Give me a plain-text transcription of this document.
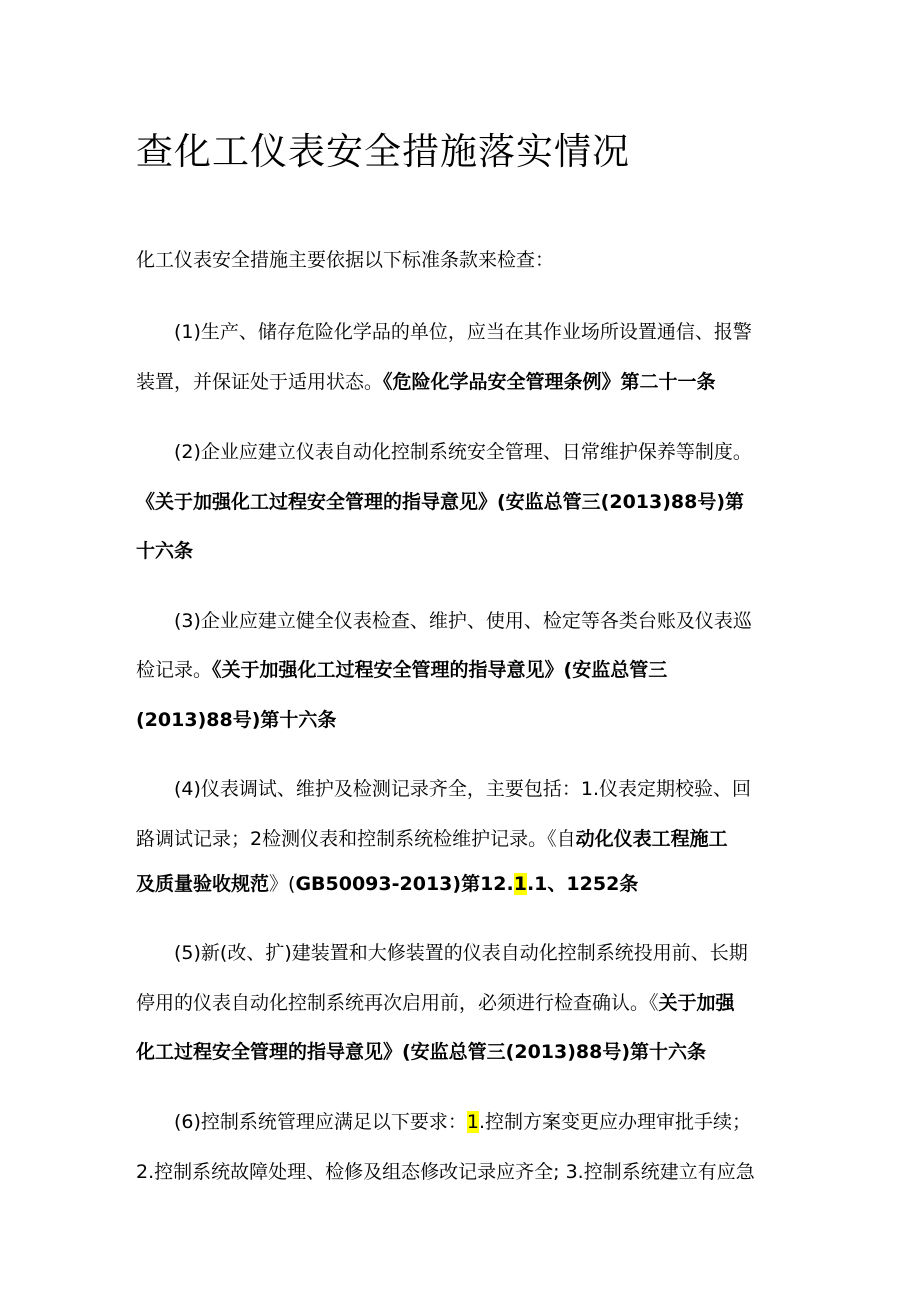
查化工仪表安全措施落实情况

化工仪表安全措施主要依据以下标准条款来检查：

(1)生产、储存危险化学品的单位，应当在其作业场所设置通信、报警

装置，并保证处于适用状态。《危险化学品安全管理条例》第二十一条

(2)企业应建立仪表自动化控制系统安全管理、日常维护保养等制度。

《关于加强化工过程安全管理的指导意见》(安监总管三(2013)88号)第

十六条

(3)企业应建立健全仪表检查、维护、使用、检定等各类台账及仪表巡

检记录。《关于加强化工过程安全管理的指导意见》(安监总管三

(2013)88号)第十六条

(4)仪表调试、维护及检测记录齐全，主要包括：1.仪表定期校验、回

路调试记录；2检测仪表和控制系统检维护记录。《自动化仪表工程施工

及质量验收规范》(GB50093-2013)第12.1.1、1252条

(5)新(改、扩)建装置和大修装置的仪表自动化控制系统投用前、长期

停用的仪表自动化控制系统再次启用前，必须进行检查确认。《关于加强

化工过程安全管理的指导意见》(安监总管三(2013)88号)第十六条

(6)控制系统管理应满足以下要求：1.控制方案变更应办理审批手续；

2.控制系统故障处理、检修及组态修改记录应齐全; 3.控制系统建立有应急
